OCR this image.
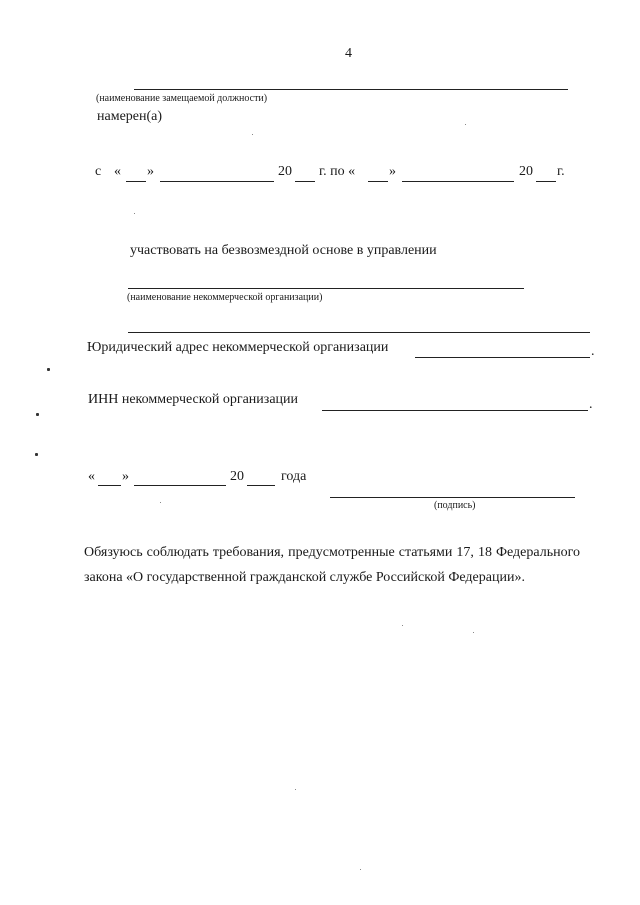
4
(наименование замещаемой должности)
намерен(а)
с « »	20 г. по « »	20 г.
участвовать на безвозмездной основе в управлении
(наименование некоммерческой организации)
Юридический адрес некоммерческой организации	.
ИНН некоммерческой организации	.
« »	20	года
(подпись)
Обязуюсь соблюдать требования, предусмотренные статьями 17, 18 Федерального закона «О государственной гражданской службе Российской Федерации».
